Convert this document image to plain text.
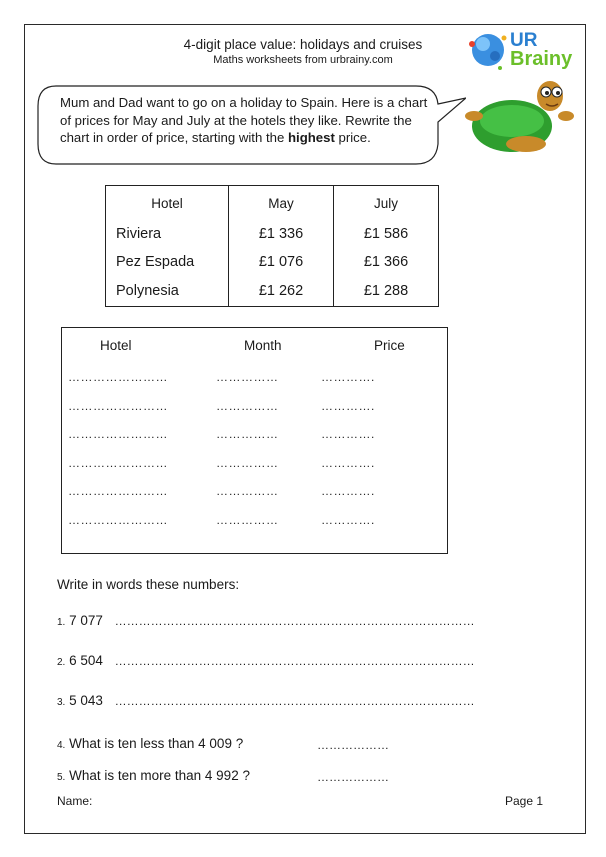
4-digit place value: holidays and cruises
Maths worksheets from urbrainy.com
UR
Brainy
Mum and Dad want to go on a holiday to Spain. Here is a chart of prices for May and July at the hotels they like. Rewrite the chart in order of price, starting with the highest price.
Hotel	May	July
Riviera	£1 336	£1 586
Pez Espada	£1 076	£1 366
Polynesia	£1 262	£1 288
Hotel	Month	Price
……………………	……………	………….
……………………	……………	………….
……………………	……………	………….
……………………	……………	………….
……………………	……………	………….
……………………	……………	………….
Write in words these numbers:
1. 7 077 ………………………………………………………………………………
2. 6 504 ………………………………………………………………………………
3. 5 043 ………………………………………………………………………………
4. What is ten less than 4 009 ?	………………
5. What is ten more than 4 992 ?	………………
Name:	Page 1
